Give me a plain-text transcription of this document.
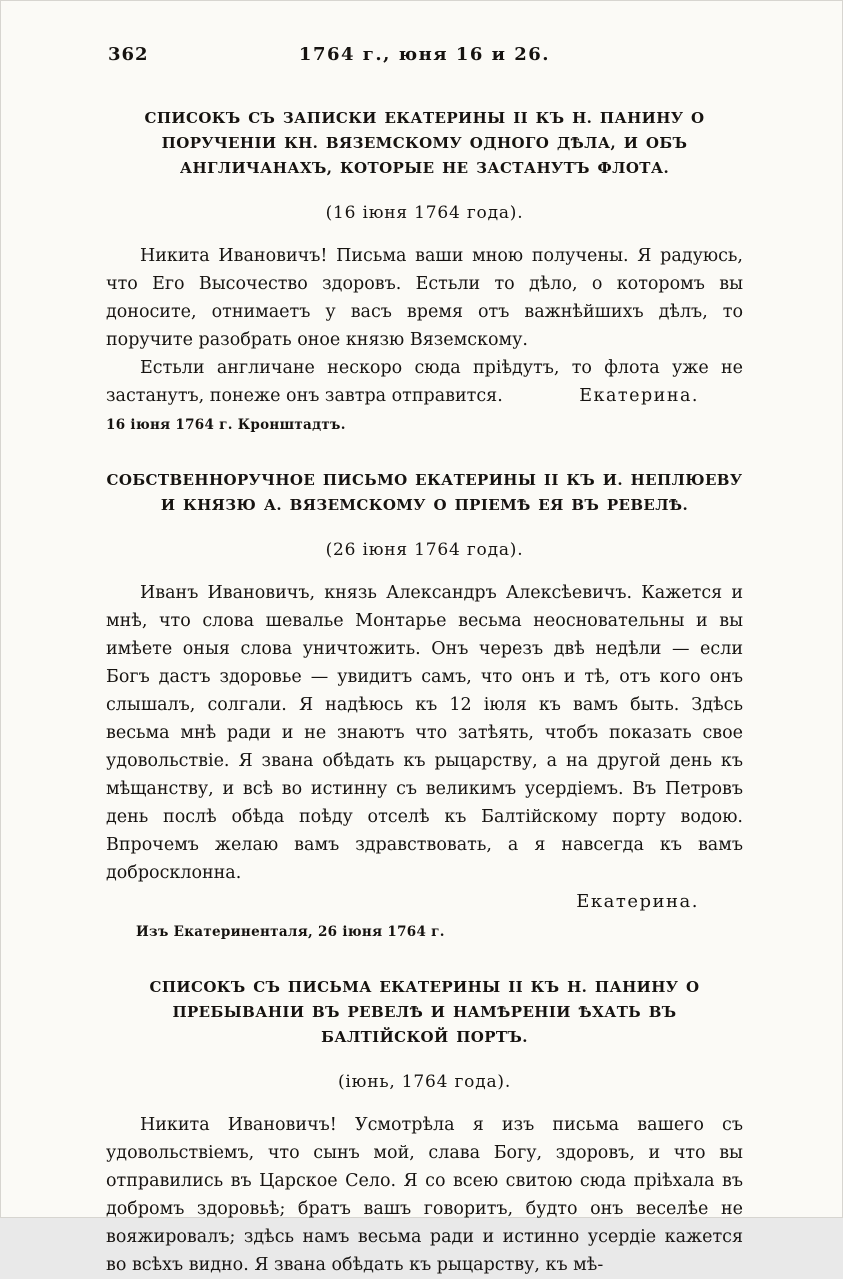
362	1764 г., юня 16 и 26.
СПИСОКЪ СЪ ЗАПИСКИ ЕКАТЕРИНЫ II КЪ Н. ПАНИНУ О ПОРУЧЕНІИ КН. ВЯЗЕМСКОМУ ОДНОГО ДѢЛА, И ОБЪ АНГЛИЧАНАХЪ, КОТОРЫЕ НЕ ЗАСТАНУТЪ ФЛОТА.
(16 іюня 1764 года).

Никита Ивановичъ! Письма ваши мною получены. Я радуюсь, что Его Высочество здоровъ. Естьли то дѣло, о которомъ вы доносите, отнимаетъ у васъ время отъ важнѣйшихъ дѣлъ, то поручите разобрать оное князю Вяземскому.

Естьли англичане нескоро сюда пріѣдутъ, то флота уже не застанутъ, понеже онъ завтра отправится.	Екатерина.

16 іюня 1764 г. Кронштадтъ.
СОБСТВЕННОРУЧНОЕ ПИСЬМО ЕКАТЕРИНЫ II КЪ И. НЕПЛЮЕВУ И КНЯЗЮ А. ВЯЗЕМСКОМУ О ПРІЕМѢ ЕЯ ВЪ РЕВЕЛѢ.
(26 іюня 1764 года).

Иванъ Ивановичъ, князь Александръ Алексѣевичъ. Кажется и мнѣ, что слова шевалье Монтарье весьма неосновательны и вы имѣете оныя слова уничтожить. Онъ черезъ двѣ недѣли — если Богъ дастъ здоровье — увидитъ самъ, что онъ и тѣ, отъ кого онъ слышалъ, солгали. Я надѣюсь къ 12 іюля къ вамъ быть. Здѣсь весьма мнѣ ради и не знаютъ что затѣять, чтобъ показать свое удовольствіе. Я звана обѣдать къ рыцарству, а на другой день къ мѣщанству, и всѣ во истинну съ великимъ усердіемъ. Въ Петровъ день послѣ обѣда поѣду отселѣ къ Балтійскому порту водою. Впрочемъ желаю вамъ здравствовать, а я навсегда къ вамъ добросклонна.

Екатерина.
Изъ Екатериненталя, 26 іюня 1764 г.
СПИСОКЪ СЪ ПИСЬМА ЕКАТЕРИНЫ II КЪ Н. ПАНИНУ О ПРЕБЫВАНІИ ВЪ РЕВЕЛѢ И НАМѢРЕНІИ ѢХАТЬ ВЪ БАЛТІЙСКОЙ ПОРТЪ.
(іюнь, 1764 года).

Никита Ивановичъ! Усмотрѣла я изъ письма вашего съ удовольствіемъ, что сынъ мой, слава Богу, здоровъ, и что вы отправились въ Царское Село. Я со всею свитою сюда пріѣхала въ добромъ здоровьѣ; братъ вашъ говоритъ, будто онъ веселѣе не вояжировалъ; здѣсь намъ весьма ради и истинно усердіе кажется во всѣхъ видно. Я звана обѣдать къ рыцарству, къ мѣ-
